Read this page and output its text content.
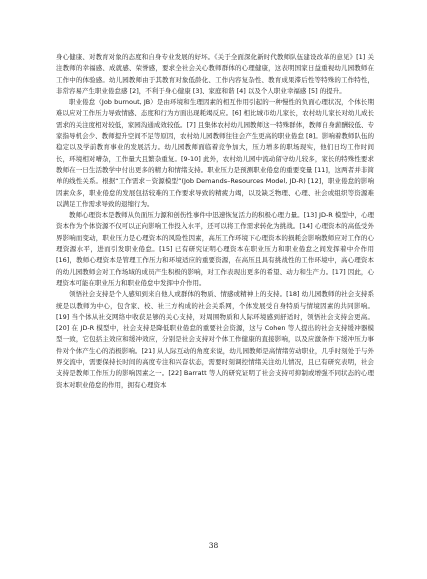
身心健康、对教育对象的态度和自身专业发展的好坏。《关于全面深化新时代教师队伍建设改革的意见》[1] 关注教师的幸福感、成就感、荣誉感，要求全社会关心教师群体的心理健康，这表明国家日益重视幼儿园教师在工作中的体验感。幼儿园教师由于其教育对象低龄化、工作内容复杂性、教育成果滞后性等特殊的工作特性，非常容易产生职业倦怠感 [2]，不利于身心健康 [3]、家庭和谐 [4] 以及个人职业幸福感 [5] 的提升。

职业倦怠（Job burnout, JB）是由环境和生理因素的相互作用引起的一种慢性的负面心理状况，个体长期难以应对工作压力导致情感、态度和行为方面出现耗竭反应。[6] 相比城市幼儿家长，农村幼儿家长对幼儿成长需求的关注度相对较低，家园沟通成效较低。[7] 且集体农村幼儿园教师这一特殊群体，教师自身薪酬较低、专家指导机会少、教师提升空间不足等原因，农村幼儿园教师往往会产生更高的职业倦怠 [8]。影响着教师队伍的稳定以及学前教育事业的发展活力。幼儿园教师面临着竞争加大，压力增多的职场现实，他们日均工作时间长，环境相对嘈杂，工作量大且繁杂重复。[9-10] 此外，农村幼儿园中流动留守幼儿较多，家长的特殊性要求教师在一日生活教学中付出更多的精力和情绪支持。职业压力是预测职业倦怠的重要变量 [11]，这两者并非简单的线性关系。根据“工作需求－资源模型”(Job Demands–Resources Model, JD-R) [12]，职业倦怠的影响因素众多，职业倦怠的发展包括较难的工作要求导致的精疲力竭，以及缺乏物理、心理、社会或组织等资源难以满足工作需求导致的退缩行为。

教师心理资本是教师从负面压力源和创伤性事件中迅速恢复活力的积极心理力量。[13] JD-R 模型中，心理资本作为个体资源不仅可以正向影响工作投入水平，还可以将工作需求转化为挑战。[14] 心理资本的高低受外界影响而变动，职业压力是心理资本的风险性因素，高压工作环境下心理资本的损耗会影响教师应对工作的心理资源水平，进而引发职业倦怠。[15] 已有研究证明心理资本在职业压力和职业倦怠之间发挥着中介作用 [16]，教师心理资本是管理工作压力和环境适应的重要资源，在高压且具有挑战性的工作环境中，高心理资本的幼儿园教师会对工作场域的成员产生积极的影响，对工作表现出更多的希望、动力和生产力。[17] 因此，心理资本可能在职业压力和职业倦怠中发挥中介作用。

领悟社会支持是个人感知到来自他人或群体的物质、情感或精神上的支持。[18] 幼儿园教师的社会支持系统是以教师为中心，包含家、校、社三方构成的社会关系网，个体发展受自身特质与情境因素的共同影响。[19] 当个体从社交网络中收获足够的关心支持，对周围物质和人际环境感到舒适时，领悟社会支持会更高。[20] 在 JD-R 模型中，社会支持是降低职业倦怠的重要社会资源，这与 Cohen 等人提出的社会支持缓冲器模型一致，它包括主效应和缓冲效应，分别是社会支持对个体工作健康的直接影响，以及应激条件下缓冲压力事件对个体产生心的消极影响。[21] 从人际互动的角度来说，幼儿园教师是高情绪劳动职业，几乎时刻处于与外界交流中，需要保持长时间的高度专注和兴奋状态，需要时刻调控情绪关注幼儿情况，且已有研究表明，社会支持是教师工作压力的影响因素之一。[22] Barratt 等人的研究证明了社会支持可抑制或增强不同状态的心理资本对职业倦怠的作用，拥有心理资本

38
